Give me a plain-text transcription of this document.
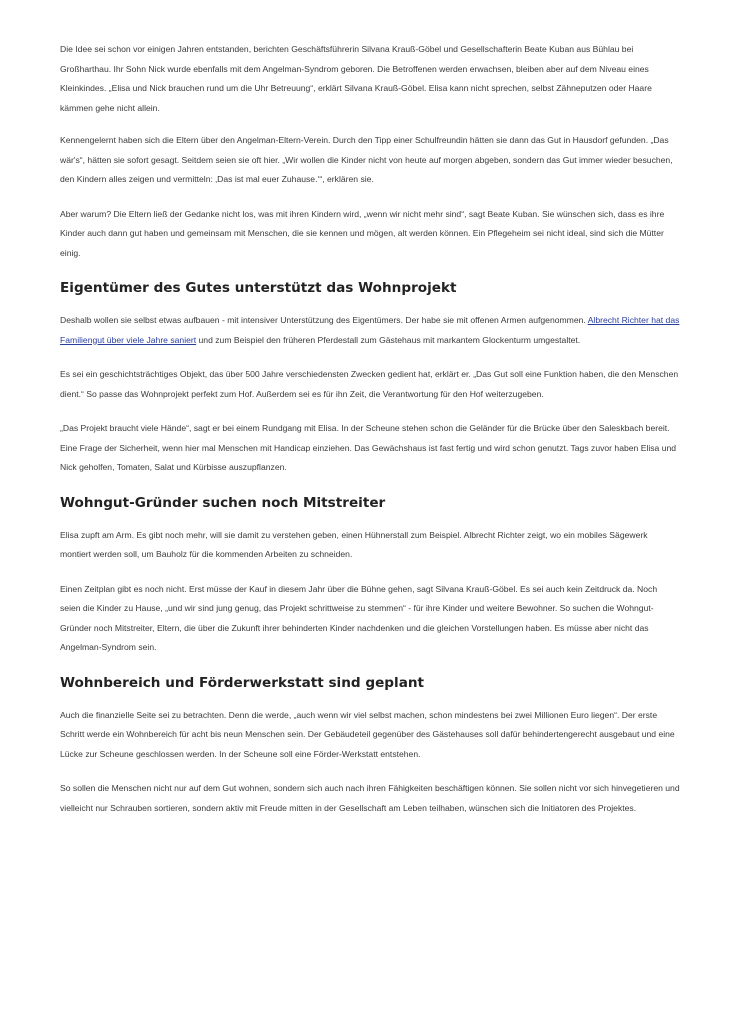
Die Idee sei schon vor einigen Jahren entstanden, berichten Geschäftsführerin Silvana Krauß-Göbel und Gesellschafterin Beate Kuban aus Bühlau bei Großharthau. Ihr Sohn Nick wurde ebenfalls mit dem Angelman-Syndrom geboren. Die Betroffenen werden erwachsen, bleiben aber auf dem Niveau eines Kleinkindes. „Elisa und Nick brauchen rund um die Uhr Betreuung“, erklärt Silvana Krauß-Göbel. Elisa kann nicht sprechen, selbst Zähneputzen oder Haare kämmen gehe nicht allein.

Kennengelernt haben sich die Eltern über den Angelman-Eltern-Verein. Durch den Tipp einer Schulfreundin hätten sie dann das Gut in Hausdorf gefunden. „Das wär's“, hätten sie sofort gesagt. Seitdem seien sie oft hier. „Wir wollen die Kinder nicht von heute auf morgen abgeben, sondern das Gut immer wieder besuchen, den Kindern alles zeigen und vermitteln: ‚Das ist mal euer Zuhause.‘“, erklären sie.

Aber warum? Die Eltern ließ der Gedanke nicht los, was mit ihren Kindern wird, „wenn wir nicht mehr sind“, sagt Beate Kuban. Sie wünschen sich, dass es ihre Kinder auch dann gut haben und gemeinsam mit Menschen, die sie kennen und mögen, alt werden können. Ein Pflegeheim sei nicht ideal, sind sich die Mütter einig.

Eigentümer des Gutes unterstützt das Wohnprojekt

Deshalb wollen sie selbst etwas aufbauen - mit intensiver Unterstützung des Eigentümers. Der habe sie mit offenen Armen aufgenommen. Albrecht Richter hat das Familiengut über viele Jahre saniert und zum Beispiel den früheren Pferdestall zum Gästehaus mit markantem Glockenturm umgestaltet.

Es sei ein geschichtsträchtiges Objekt, das über 500 Jahre verschiedensten Zwecken gedient hat, erklärt er. „Das Gut soll eine Funktion haben, die den Menschen dient.“ So passe das Wohnprojekt perfekt zum Hof. Außerdem sei es für ihn Zeit, die Verantwortung für den Hof weiterzugeben.

„Das Projekt braucht viele Hände“, sagt er bei einem Rundgang mit Elisa. In der Scheune stehen schon die Geländer für die Brücke über den Saleskbach bereit. Eine Frage der Sicherheit, wenn hier mal Menschen mit Handicap einziehen. Das Gewächshaus ist fast fertig und wird schon genutzt. Tags zuvor haben Elisa und Nick geholfen, Tomaten, Salat und Kürbisse auszupflanzen.

Wohngut-Gründer suchen noch Mitstreiter

Elisa zupft am Arm. Es gibt noch mehr, will sie damit zu verstehen geben, einen Hühnerstall zum Beispiel. Albrecht Richter zeigt, wo ein mobiles Sägewerk montiert werden soll, um Bauholz für die kommenden Arbeiten zu schneiden.

Einen Zeitplan gibt es noch nicht. Erst müsse der Kauf in diesem Jahr über die Bühne gehen, sagt Silvana Krauß-Göbel. Es sei auch kein Zeitdruck da. Noch seien die Kinder zu Hause, „und wir sind jung genug, das Projekt schrittweise zu stemmen“ - für ihre Kinder und weitere Bewohner. So suchen die Wohngut-Gründer noch Mitstreiter, Eltern, die über die Zukunft ihrer behinderten Kinder nachdenken und die gleichen Vorstellungen haben. Es müsse aber nicht das Angelman-Syndrom sein.

Wohnbereich und Förderwerkstatt sind geplant

Auch die finanzielle Seite sei zu betrachten. Denn die werde, „auch wenn wir viel selbst machen, schon mindestens bei zwei Millionen Euro liegen“. Der erste Schritt werde ein Wohnbereich für acht bis neun Menschen sein. Der Gebäudeteil gegenüber des Gästehauses soll dafür behindertengerecht ausgebaut und eine Lücke zur Scheune geschlossen werden. In der Scheune soll eine Förder-Werkstatt entstehen.

So sollen die Menschen nicht nur auf dem Gut wohnen, sondern sich auch nach ihren Fähigkeiten beschäftigen können. Sie sollen nicht vor sich hinvegetieren und vielleicht nur Schrauben sortieren, sondern aktiv mit Freude mitten in der Gesellschaft am Leben teilhaben, wünschen sich die Initiatoren des Projektes.
